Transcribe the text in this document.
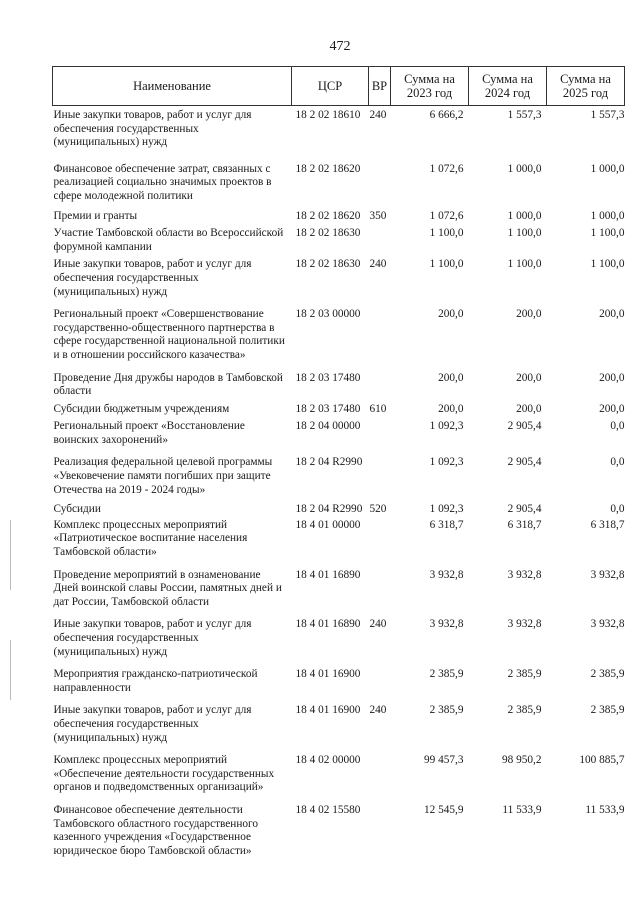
472
Наименование	ЦСР	ВР	Сумма на 2023 год	Сумма на 2024 год	Сумма на 2025 год
Иные закупки товаров, работ и услуг для обеспечения государственных (муниципальных) нужд	18 2 02 18610	240	6 666,2	1 557,3	1 557,3
Финансовое обеспечение затрат, связанных с реализацией социально значимых проектов в сфере молодежной политики	18 2 02 18620		1 072,6	1 000,0	1 000,0
Премии и гранты	18 2 02 18620	350	1 072,6	1 000,0	1 000,0
Участие Тамбовской области во Всероссийской форумной кампании	18 2 02 18630		1 100,0	1 100,0	1 100,0
Иные закупки товаров, работ и услуг для обеспечения государственных (муниципальных) нужд	18 2 02 18630	240	1 100,0	1 100,0	1 100,0
Региональный проект «Совершенствование государственно-общественного партнерства в сфере государственной национальной политики и в отношении российского казачества»	18 2 03 00000		200,0	200,0	200,0
Проведение Дня дружбы народов в Тамбовской области	18 2 03 17480		200,0	200,0	200,0
Субсидии бюджетным учреждениям	18 2 03 17480	610	200,0	200,0	200,0
Региональный проект «Восстановление воинских захоронений»	18 2 04 00000		1 092,3	2 905,4	0,0
Реализация федеральной целевой программы «Увековечение памяти погибших при защите Отечества на 2019 - 2024 годы»	18 2 04 R2990		1 092,3	2 905,4	0,0
Субсидии	18 2 04 R2990	520	1 092,3	2 905,4	0,0
Комплекс процессных мероприятий «Патриотическое воспитание населения Тамбовской области»	18 4 01 00000		6 318,7	6 318,7	6 318,7
Проведение мероприятий в ознаменование Дней воинской славы России, памятных дней и дат России, Тамбовской области	18 4 01 16890		3 932,8	3 932,8	3 932,8
Иные закупки товаров, работ и услуг для обеспечения государственных (муниципальных) нужд	18 4 01 16890	240	3 932,8	3 932,8	3 932,8
Мероприятия гражданско-патриотической направленности	18 4 01 16900		2 385,9	2 385,9	2 385,9
Иные закупки товаров, работ и услуг для обеспечения государственных (муниципальных) нужд	18 4 01 16900	240	2 385,9	2 385,9	2 385,9
Комплекс процессных мероприятий «Обеспечение деятельности государственных органов и подведомственных организаций»	18 4 02 00000		99 457,3	98 950,2	100 885,7
Финансовое обеспечение деятельности Тамбовского областного государственного казенного учреждения «Государственное юридическое бюро Тамбовской области»	18 4 02 15580		12 545,9	11 533,9	11 533,9
